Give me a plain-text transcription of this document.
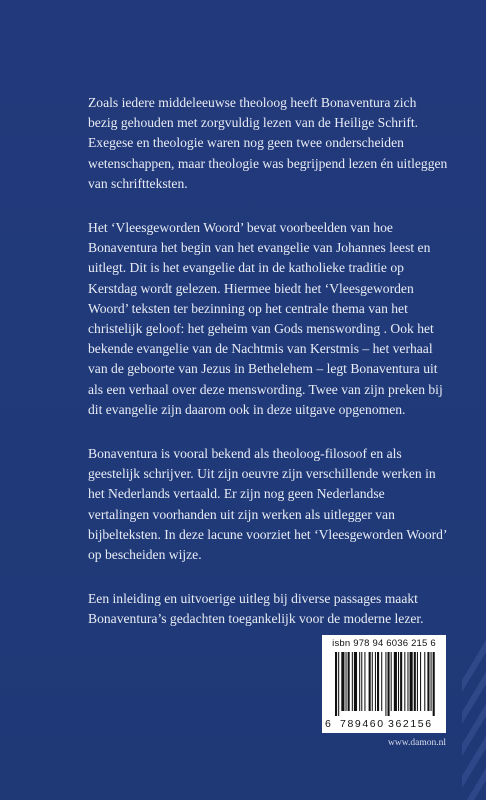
Zoals iedere middeleeuwse theoloog heeft Bonaventura zich bezig gehouden met zorgvuldig lezen van de Heilige Schrift. Exegese en theologie waren nog geen twee onderscheiden wetenschappen, maar theologie was begrijpend lezen én uitleggen van schriftteksten.

Het ‘Vleesgeworden Woord’ bevat voorbeelden van hoe Bonaventura het begin van het evangelie van Johannes leest en uitlegt. Dit is het evangelie dat in de katholieke traditie op Kerstdag wordt gelezen. Hiermee biedt het ‘Vleesgeworden Woord’ teksten ter bezinning op het centrale thema van het christelijk geloof: het geheim van Gods menswording . Ook het bekende evangelie van de Nachtmis van Kerstmis – het verhaal van de geboorte van Jezus in Bethelehem – legt Bonaventura uit als een verhaal over deze menswording. Twee van zijn preken bij dit evangelie zijn daarom ook in deze uitgave opgenomen.

Bonaventura is vooral bekend als theoloog-filosoof en als geestelijk schrijver. Uit zijn oeuvre zijn verschillende werken in het Nederlands vertaald. Er zijn nog geen Nederlandse vertalingen voorhanden uit zijn werken als uitlegger van bijbelteksten. In deze lacune voorziet het ‘Vleesgeworden Woord’ op bescheiden wijze.

Een inleiding en uitvoerige uitleg bij diverse passages maakt Bonaventura’s gedachten toegankelijk voor de moderne lezer.

isbn 978 94 6036 215 6
6 789460 362156
www.damon.nl
